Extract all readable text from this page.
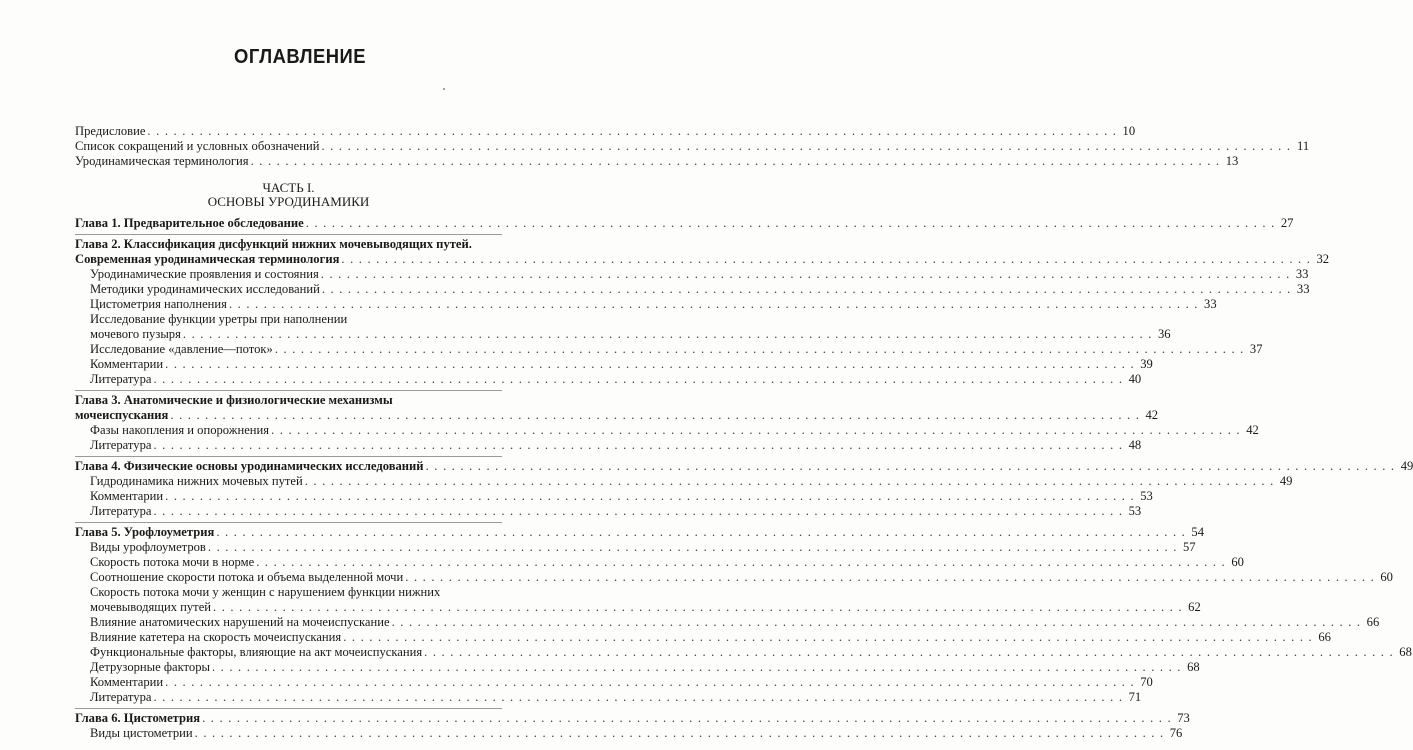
ОГЛАВЛЕНИЕ
Предисловие . . .	10
Список сокращений и условных обозначений . . .	11
Уродинамическая терминология . . .	13
ЧАСТЬ I.
ОСНОВЫ УРОДИНАМИКИ
Глава 1. Предварительное обследование . . .	27
Глава 2. Классификация дисфункций нижних мочевыводящих путей.
Современная уродинамическая терминология . . .	32
Уродинамические проявления и состояния . . .	33
Методики уродинамических исследований . . .	33
Цистометрия наполнения . . .	33
Исследование функции уретры при наполнении
мочевого пузыря . . .	36
Исследование «давление—поток» . . .	37
Комментарии . . .	39
Литература . . .	40
Глава 3. Анатомические и физиологические механизмы
мочеиспускания . . .	42
Фазы накопления и опорожнения . . .	42
Литература . . .	48
Глава 4. Физические основы уродинамических исследований . . .	49
Гидродинамика нижних мочевых путей . . .	49
Комментарии . . .	53
Литература . . .	53
Глава 5. Урофлоуметрия . . .	54
Виды урофлоуметров . . .	57
Скорость потока мочи в норме . . .	60
Соотношение скорости потока и объема выделенной мочи . . .	60
Скорость потока мочи у женщин с нарушением функции нижних
мочевыводящих путей . . .	62
Влияние анатомических нарушений на мочеиспускание . . .	66
Влияние катетера на скорость мочеиспускания . . .	66
Функциональные факторы, влияющие на акт мочеиспускания . . .	68
Детрузорные факторы . . .	68
Комментарии . . .	70
Литература . . .	71
Глава 6. Цистометрия . . .	73
Виды цистометрии . . .	76
